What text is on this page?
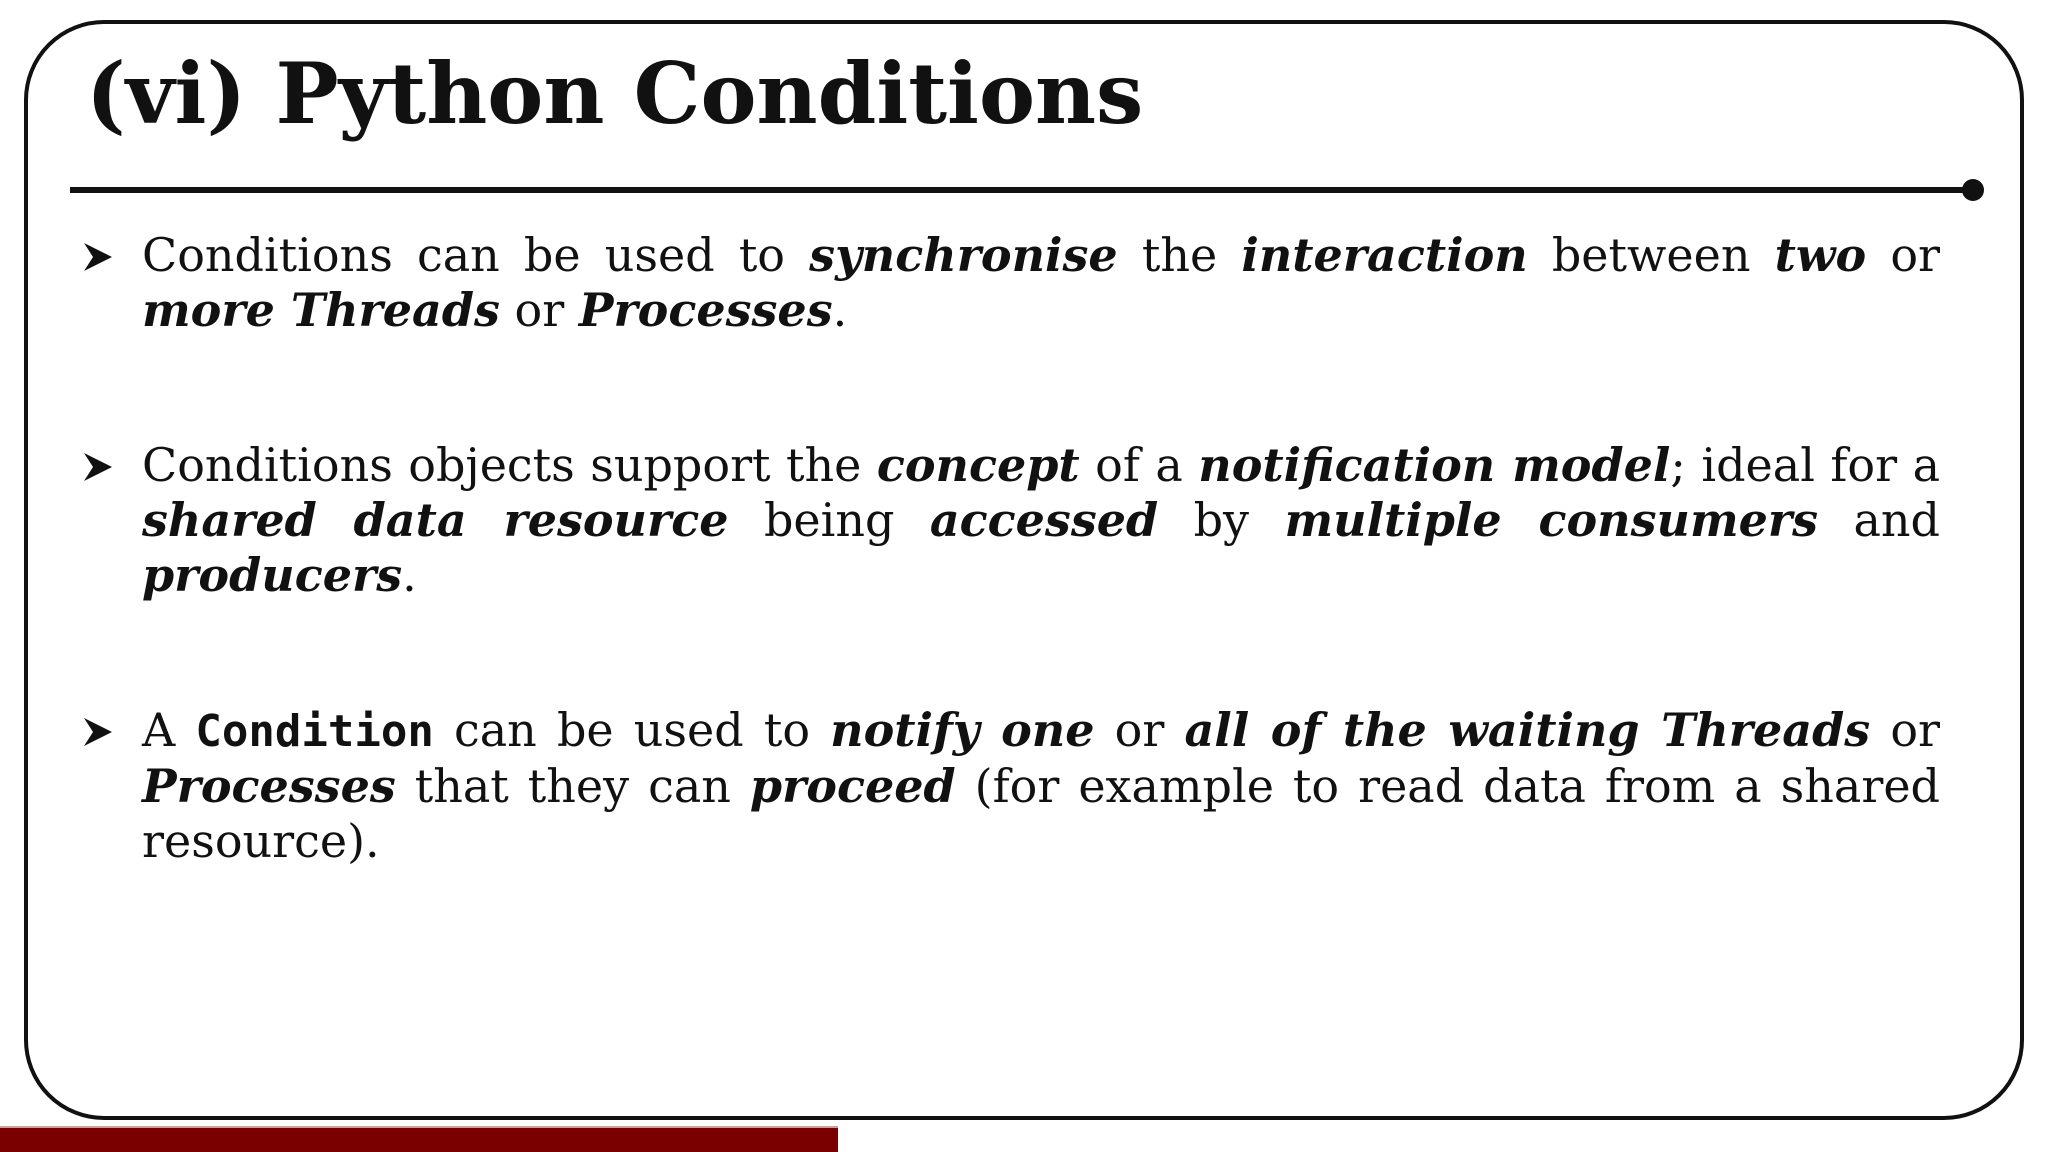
(vi) Python Conditions
Conditions can be used to synchronise the interaction between two or more Threads or Processes.
Conditions objects support the concept of a notification model; ideal for a shared data resource being accessed by multiple consumers and producers.
A Condition can be used to notify one or all of the waiting Threads or Processes that they can proceed (for example to read data from a shared resource).
